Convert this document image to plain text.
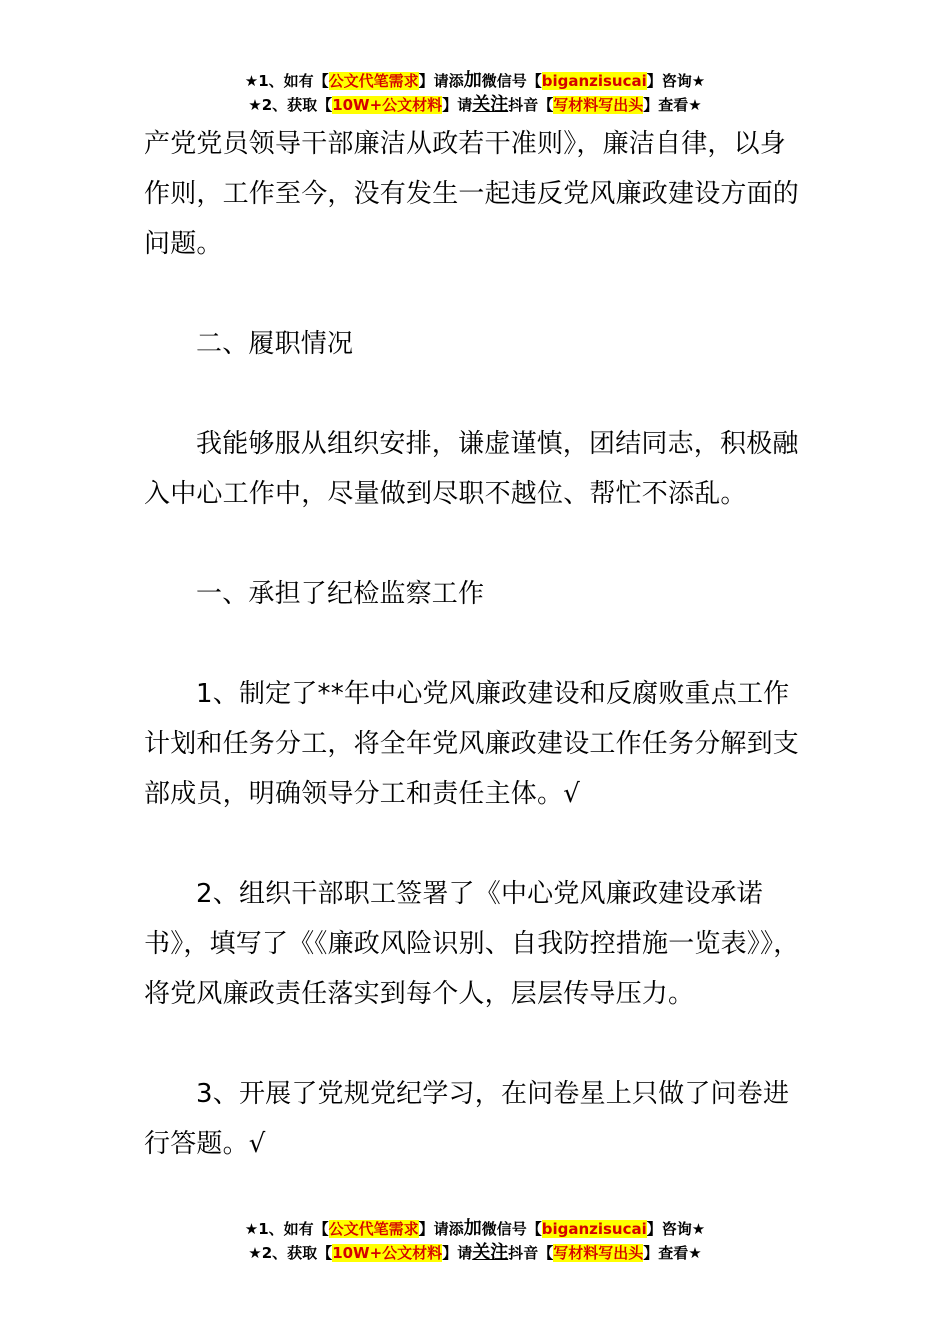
★1、如有【公文代笔需求】请添加微信号【biganzisucai】咨询★
★2、获取【10W+公文材料】请关注抖音【写材料写出头】查看★

产党党员领导干部廉洁从政若干准则》，廉洁自律，以身作则，工作至今，没有发生一起违反党风廉政建设方面的问题。

二、履职情况

我能够服从组织安排，谦虚谨慎，团结同志，积极融入中心工作中，尽量做到尽职不越位、帮忙不添乱。

一、承担了纪检监察工作

1、制定了**年中心党风廉政建设和反腐败重点工作计划和任务分工，将全年党风廉政建设工作任务分解到支部成员，明确领导分工和责任主体。√

2、组织干部职工签署了《中心党风廉政建设承诺书》，填写了《《廉政风险识别、自我防控措施一览表》》，将党风廉政责任落实到每个人，层层传导压力。

3、开展了党规党纪学习，在问卷星上只做了问卷进行答题。√

★1、如有【公文代笔需求】请添加微信号【biganzisucai】咨询★
★2、获取【10W+公文材料】请关注抖音【写材料写出头】查看★
